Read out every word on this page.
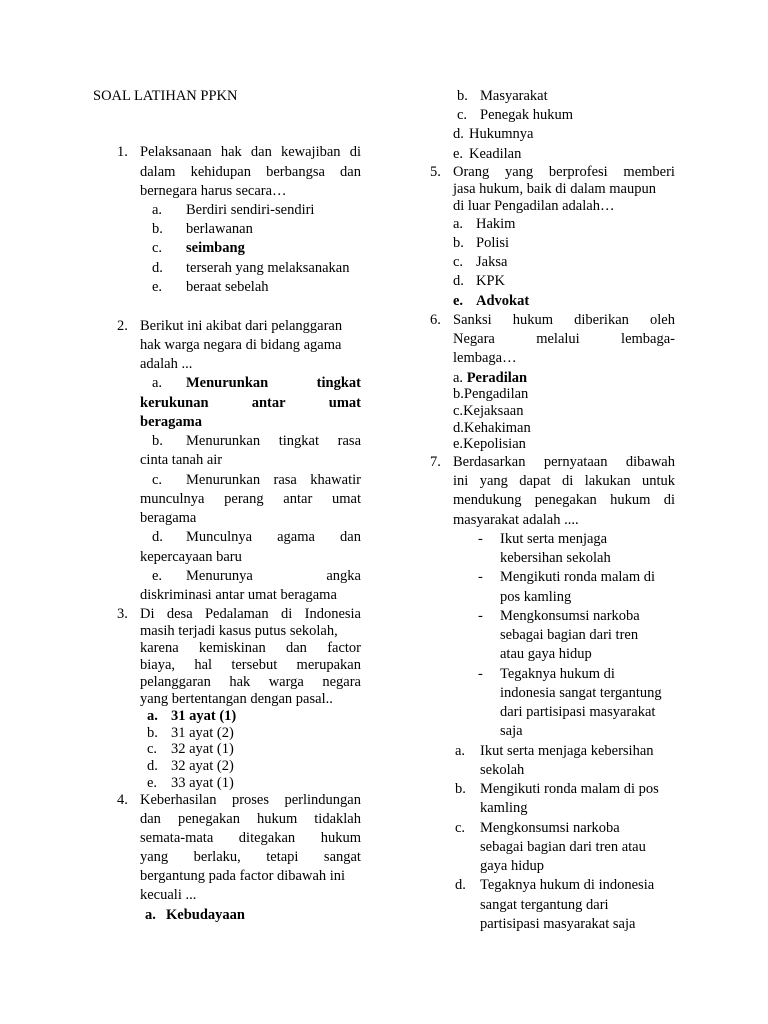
SOAL LATIHAN PPKN
1. Pelaksanaan hak dan kewajiban di
dalam kehidupan berbangsa dan
bernegara harus secara…
a. Berdiri sendiri-sendiri
b. berlawanan
c. seimbang
d. terserah yang melaksanakan
e. beraat sebelah
2. Berikut ini akibat dari pelanggaran
hak warga negara di bidang agama
adalah ...
a. Menurunkan	tingkat
kerukunan	antar	umat
beragama
b. Menurunkan tingkat rasa
cinta tanah air
c. Menurunkan rasa khawatir
munculnya perang antar umat
beragama
d. Munculnya agama dan
kepercayaan baru
e. Menurunya	angka
diskriminasi antar umat beragama
3. Di desa Pedalaman di Indonesia
masih terjadi kasus putus sekolah,
karena kemiskinan dan factor
biaya, hal tersebut merupakan
pelanggaran hak warga negara
yang bertentangan dengan pasal..
a. 31 ayat (1)
b. 31 ayat (2)
c. 32 ayat (1)
d. 32 ayat (2)
e. 33 ayat (1)
4. Keberhasilan proses perlindungan
dan penegakan hukum tidaklah
semata-mata ditegakan hukum
yang berlaku, tetapi sangat
bergantung pada factor dibawah ini
kecuali ...
a. Kebudayaan
b. Masyarakat
c. Penegak hukum
d. Hukumnya
e. Keadilan
5. Orang yang berprofesi memberi
jasa hukum, baik di dalam maupun
di luar Pengadilan adalah…
a. Hakim
b. Polisi
c. Jaksa
d. KPK
e. Advokat
6. Sanksi hukum diberikan oleh
Negara	melalui	lembaga-
lembaga…
a. Peradilan
b.Pengadilan
c.Kejaksaan
d.Kehakiman
e.Kepolisian
7. Berdasarkan pernyataan dibawah
ini yang dapat di lakukan untuk
mendukung penegakan hukum di
masyarakat adalah ....
- Ikut serta menjaga
kebersihan sekolah
- Mengikuti ronda malam di
pos kamling
- Mengkonsumsi narkoba
sebagai bagian dari tren
atau gaya hidup
- Tegaknya hukum di
indonesia sangat tergantung
dari partisipasi masyarakat
saja
a. Ikut serta menjaga kebersihan
sekolah
b. Mengikuti ronda malam di pos
kamling
c. Mengkonsumsi narkoba
sebagai bagian dari tren atau
gaya hidup
d. Tegaknya hukum di indonesia
sangat tergantung dari
partisipasi masyarakat saja
